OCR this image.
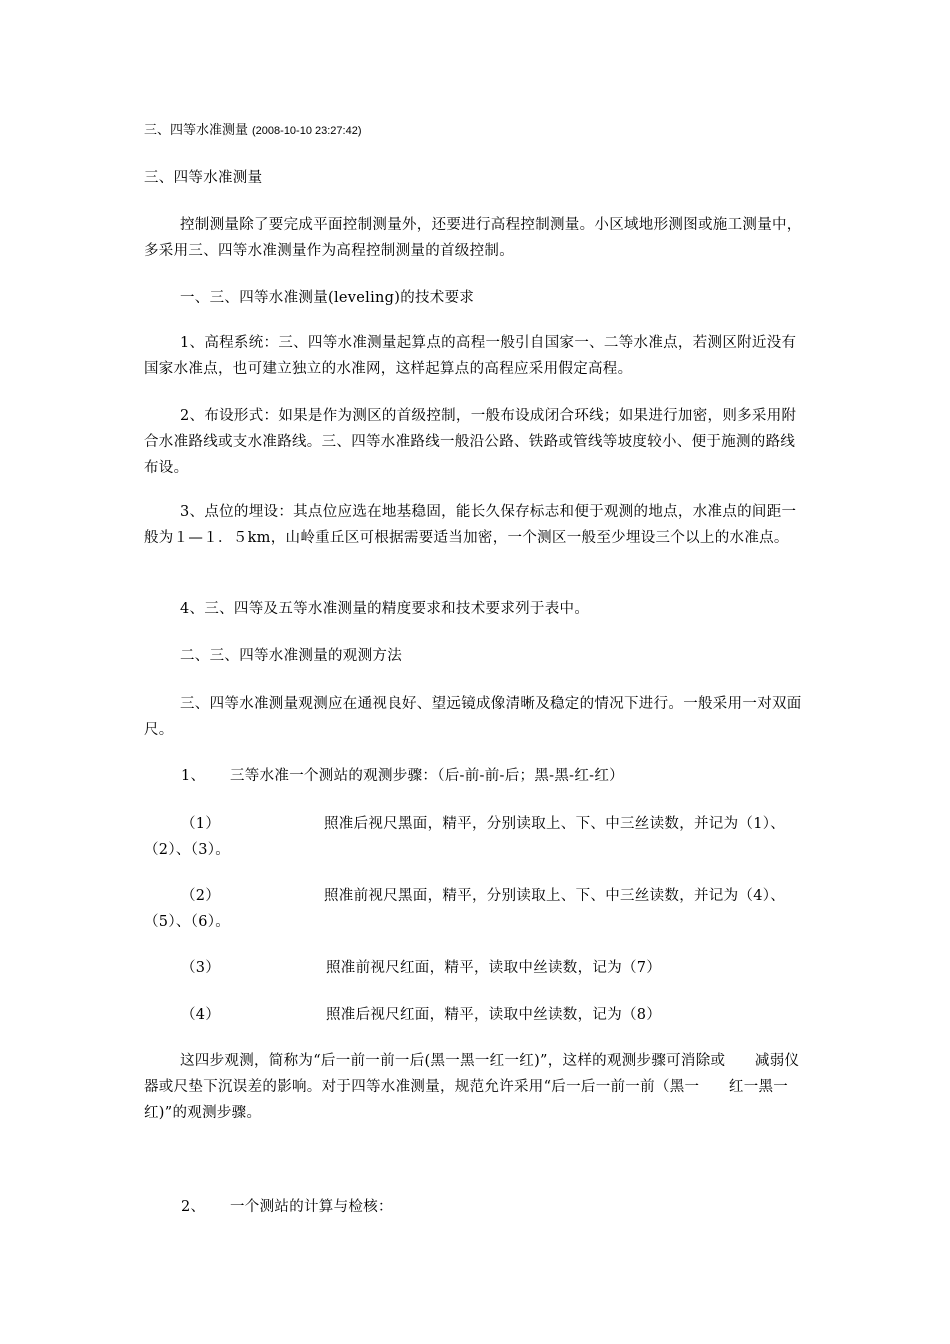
三、四等水准测量 (2008-10-10 23:27:42)

三、四等水准测量

控制测量除了要完成平面控制测量外，还要进行高程控制测量。小区域地形测图或施工测量中，多采用三、四等水准测量作为高程控制测量的首级控制。

一、三、四等水准测量(leveling)的技术要求

1、高程系统：三、四等水准测量起算点的高程一般引自国家一、二等水准点，若测区附近没有国家水准点，也可建立独立的水准网，这样起算点的高程应采用假定高程。

2、布设形式：如果是作为测区的首级控制，一般布设成闭合环线；如果进行加密，则多采用附合水准路线或支水准路线。三、四等水准路线一般沿公路、铁路或管线等坡度较小、便于施测的路线布设。

3、点位的埋设：其点位应选在地基稳固，能长久保存标志和便于观测的地点，水准点的间距一般为１—１．５km，山岭重丘区可根据需要适当加密，一个测区一般至少埋设三个以上的水准点。

4、三、四等及五等水准测量的精度要求和技术要求列于表中。

二、三、四等水准测量的观测方法

三、四等水准测量观测应在通视良好、望远镜成像清晰及稳定的情况下进行。一般采用一对双面尺。

1、 三等水准一个测站的观测步骤：（后-前-前-后；黑-黑-红-红）
（1）	照准后视尺黑面，精平，分别读取上、下、中三丝读数，并记为（1）、（2）、（3）。

（2）	照准前视尺黑面，精平，分别读取上、下、中三丝读数，并记为（4）、（5）、（6）。

（3）	照准前视尺红面，精平，读取中丝读数，记为（7）
（4）	照准后视尺红面，精平，读取中丝读数，记为（8）

这四步观测，简称为“后一前一前一后(黑一黑一红一红)”，这样的观测步骤可消除或　　减弱仪器或尺垫下沉误差的影响。对于四等水准测量，规范允许采用“后一后一前一前（黑一　　红一黑一红)”的观测步骤。

2、 一个测站的计算与检核：
